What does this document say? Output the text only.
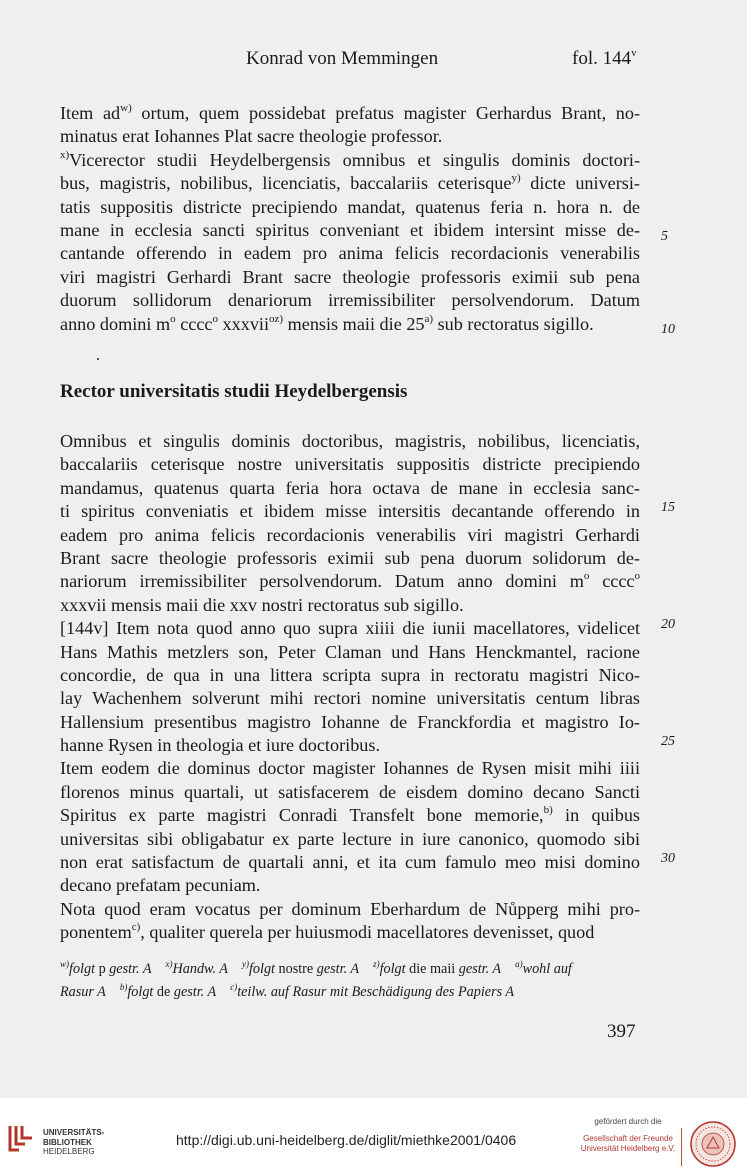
Konrad von Memmingen	fol. 144$^v$
Item $ad^{w)}$ ortum, quem possidebat prefatus magister Gerhardus Brant, no-
minatus erat Iohannes Plat sacre theologie professor.
$^{x)}$Vicerector studii Heydelbergensis omnibus et singulis dominis doctori-
bus, magistris, nobilibus, licenciatis, baccalariis ceterisque$^{y)}$ dicte universi-
tatis suppositis districte precipiendo mandat, quatenus feria n. hora n. de
mane in ecclesia sancti spiritus conveniant et ibidem intersint misse de-
cantande offerendo in eadem pro anima felicis recordacionis venerabilis
viri magistri Gerhardi Brant sacre theologie professoris eximii sub pena
duorum sollidorum denariorum irremissibiliter persolvendorum. Datum
anno domini $m^o$ cccc$^o$ xxxvii$^{oz)}$ mensis maii die 25$^{a)}$ sub rectoratus sigillo.
5
10
Rector universitatis studii Heydelbergensis
Omnibus et singulis dominis doctoribus, magistris, nobilibus, licenciatis,
baccalariis ceterisque nostre universitatis suppositis districte precipiendo
mandamus, quatenus quarta feria hora octava de mane in ecclesia sanc-
ti spiritus conveniatis et ibidem misse intersitis decantande offerendo in
eadem pro anima felicis recordacionis venerabilis viri magistri Gerhardi
Brant sacre theologie professoris eximii sub pena duorum solidorum de-
nariorum irremissibiliter persolvendorum. Datum anno domini $m^o$ cccc$^o$
xxxvii mensis maii die xxv nostri rectoratus sub sigillo.
[144v] Item nota quod anno quo supra xiiii die iunii macellatores, videlicet
Hans Mathis metzlers son, Peter Claman und Hans Henckmantel, racione
concordie, de qua in una littera scripta supra in rectoratu magistri Nico-
lay Wachenhem solverunt mihi rectori nomine universitatis centum libras
Hallensium presentibus magistro Iohanne de Franckfordia et magistro Io-
hanne Rysen in theologia et iure doctoribus.
Item eodem die dominus doctor magister Iohannes de Rysen misit mihi iiii
florenos minus quartali, ut satisfacerem de eisdem domino decano Sancti
Spiritus ex parte magistri Conradi Transfelt bone memorie,$^{b)}$ in quibus
universitas sibi obligabatur ex parte lecture in iure canonico, quomodo sibi
non erat satisfactum de quartali anni, et ita cum famulo meo misi domino
decano prefatam pecuniam.
Nota quod eram vocatus per dominum Eberhardum de Nůpperg mihi pro-
ponentem$^{c)}$, qualiter querela per huiusmodi macellatores devenisset, quod
15
20
25
30
$^{w)}$folgt p gestr. A $^{x)}$Handw. A $^{y)}$folgt nostre gestr. A $^{z)}$folgt die maii gestr. A $^{a)}$wohl auf
Rasur A $^{b)}$folgt de gestr. A $^{c)}$teilw. auf Rasur mit Beschädigung des Papiers A
397
UNIVERSITÄTS-
BIBLIOTHEK
HEIDELBERG
http://digi.ub.uni-heidelberg.de/diglit/miethke2001/0406
gefördert durch die
Gesellschaft der Freunde
Universität Heidelberg e.V.
